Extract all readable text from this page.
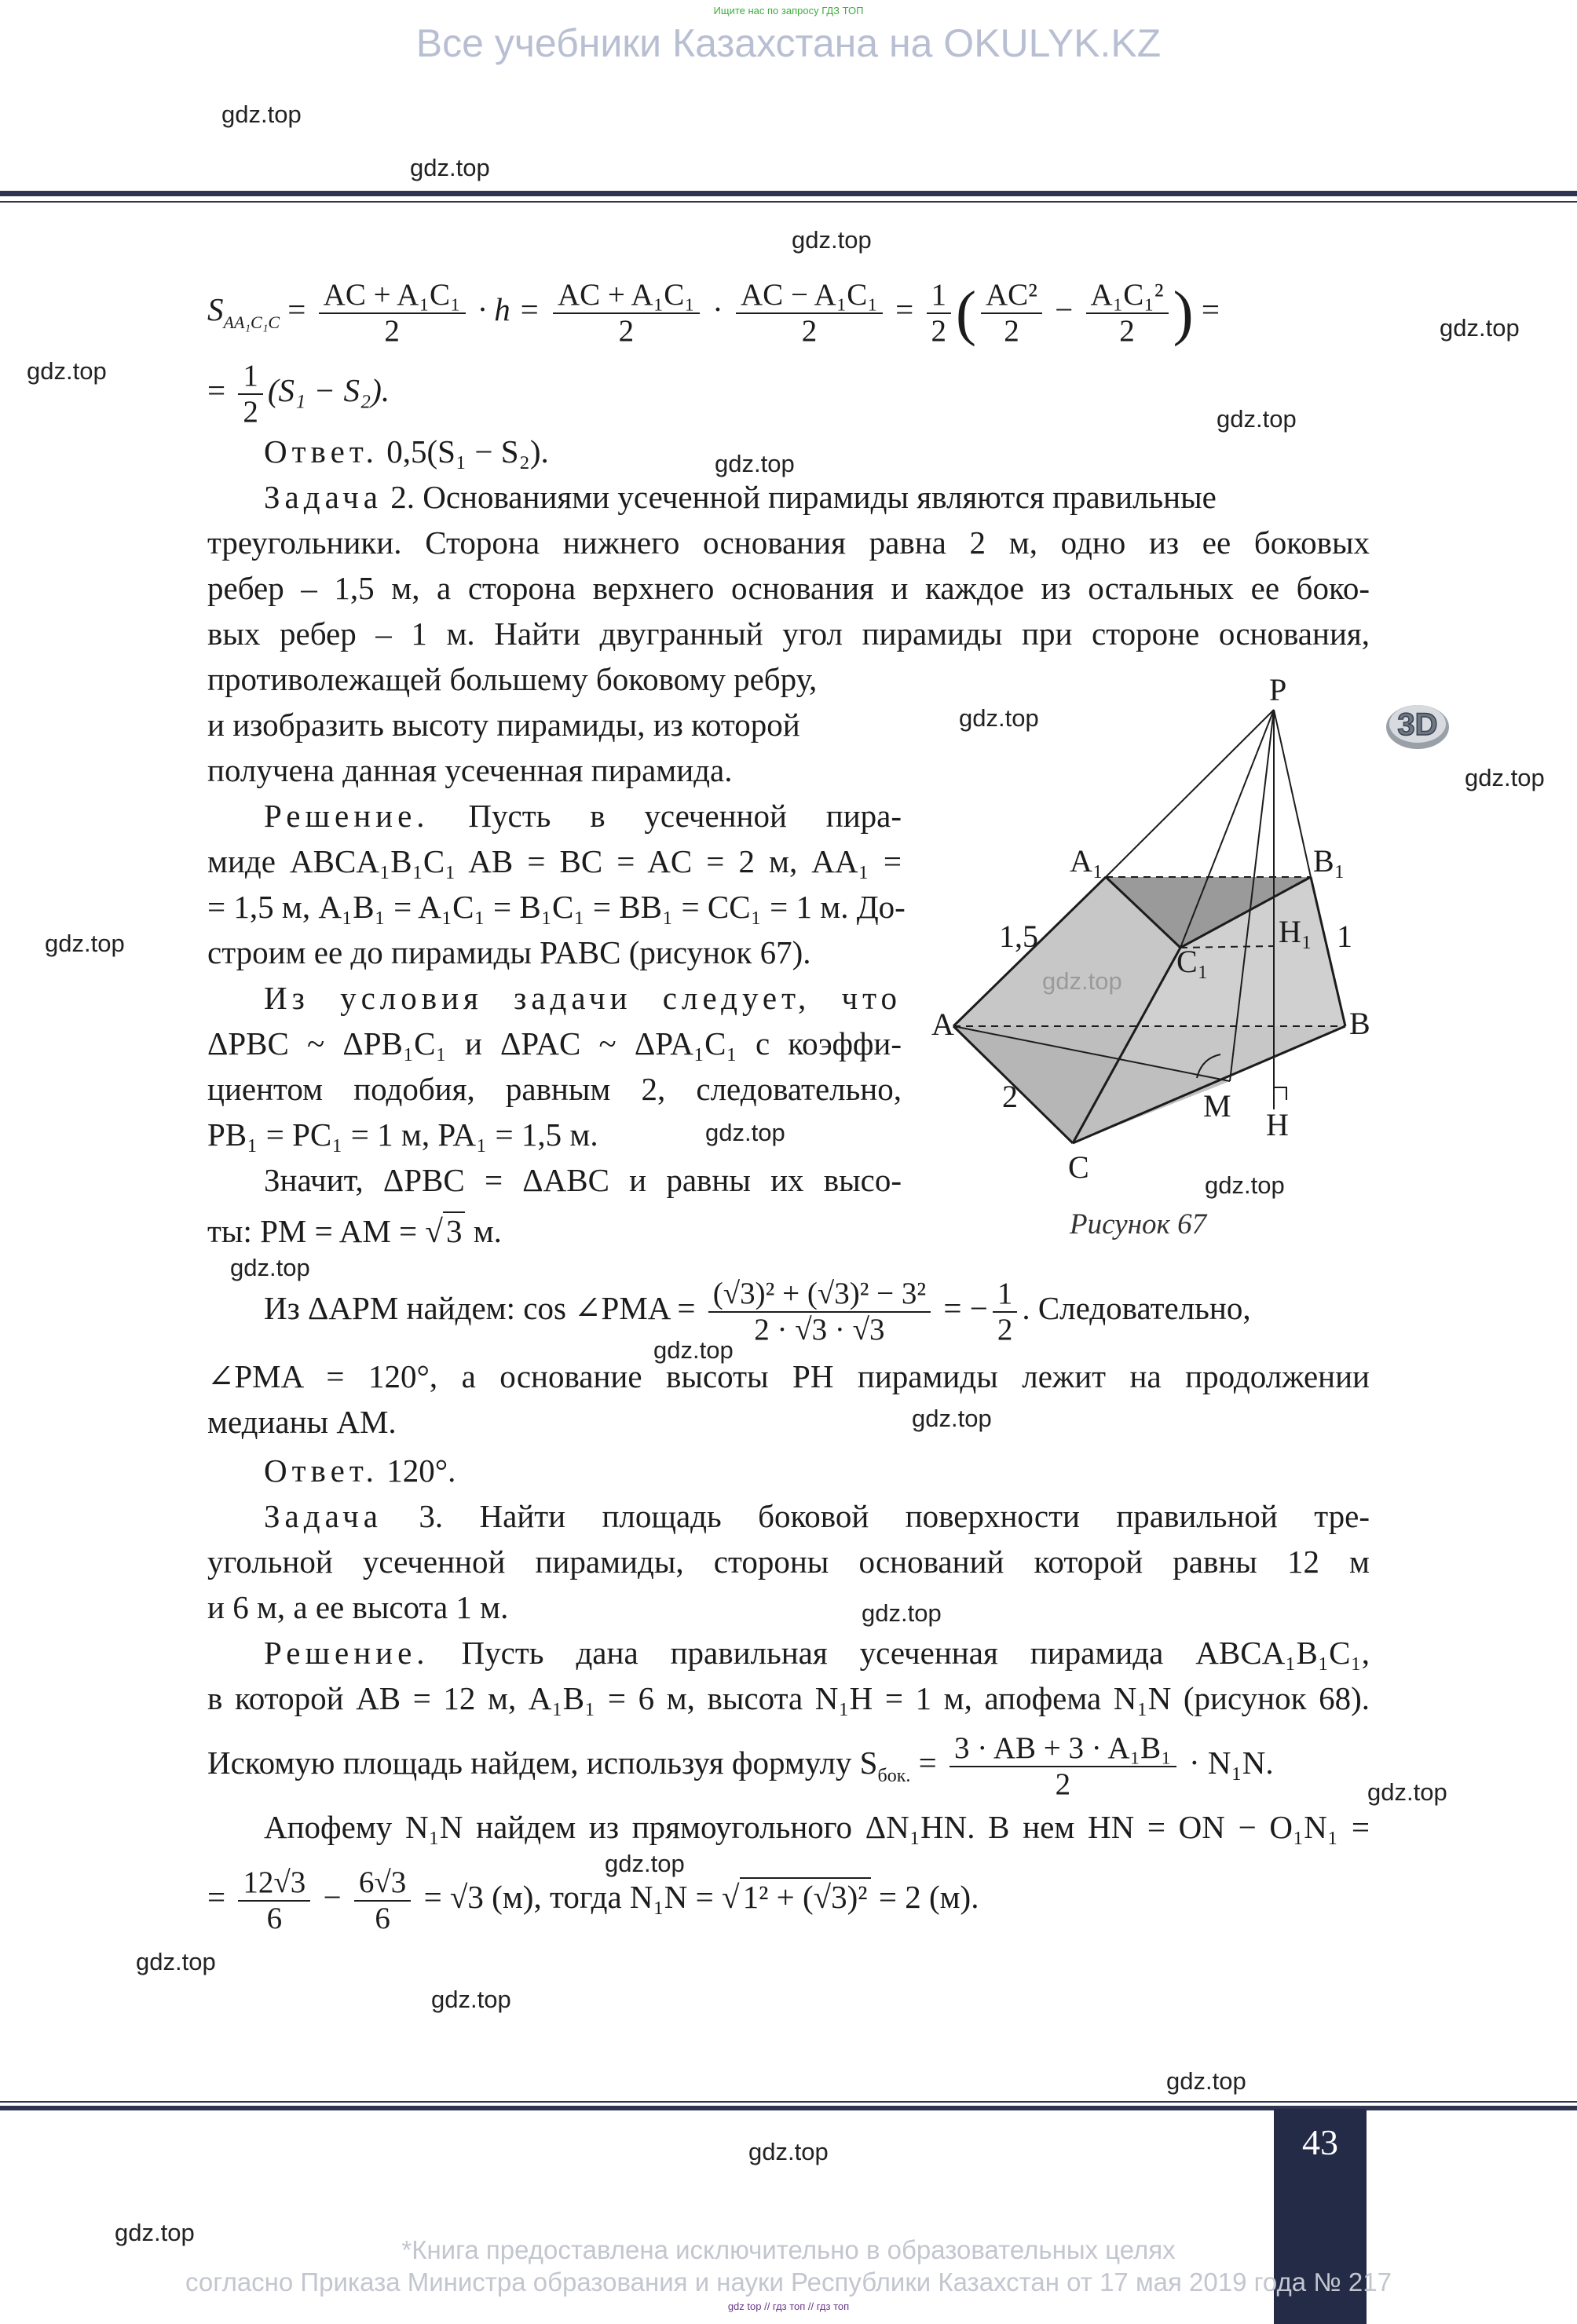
Ищите нас по запросу ГДЗ ТОП
Все учебники Казахстана на OKULYK.KZ
gdz.top
gdz.top
gdz.top
gdz.top
gdz.top
gdz.top
gdz.top
gdz.top
gdz.top
gdz.top
gdz.top
gdz.top
gdz.top
gdz.top
gdz.top
gdz.top
gdz.top
gdz.top
gdz.top
gdz.top
gdz.top
gdz.top
gdz.top
$S_{AA_1C_1C} = \frac{\text{AC + A₁C₁}}{2} \cdot h = \frac{\text{AC + A₁C₁}}{2} \cdot \frac{\text{AC − A₁C₁}}{2} = \frac{1}{2}$ ( $\frac{\text{AC²}}{2} - \frac{\text{A₁C₁²}}{2}$ ) =
= $\frac{1}{2} (S_1 - S_2)$.
Ответ. 0,5(S₁ − S₂).
Задача 2. Основаниями усеченной пирамиды являются правильные
треугольники. Сторона нижнего основания равна 2 м, одно из ее боковых
ребер – 1,5 м, а сторона верхнего основания и каждое из остальных ее боко-
вых ребер – 1 м. Найти двугранный угол пирамиды при стороне основания,
противолежащей большему боковому ребру,
и изобразить высоту пирамиды, из которой
получена данная усеченная пирамида.
Решение. Пусть в усеченной пира-
миде ABCA₁B₁C₁ AB = BC = AC = 2 м, AA₁ =
= 1,5 м, A₁B₁ = A₁C₁ = B₁C₁ = BB₁ = CC₁ = 1 м. До-
строим ее до пирамиды PABC (рисунок 67).
Из условия задачи следует, что
ΔPBC ~ ΔPB₁C₁ и ΔPAC ~ ΔPA₁C₁ с коэффи-
циентом подобия, равным 2, следовательно,
PB₁ = PC₁ = 1 м, PA₁ = 1,5 м.
Значит, ΔPBC = ΔABC и равны их высо-
ты: PM = AM = √3 м.
Из ΔAPM найдем: cos ∠PMA = $\frac{\text{(√3)² + (√3)² − 3²}}{2 \cdot √3 \cdot √3}$ = − $\frac{1}{2}$ . Следовательно,
∠PMA = 120°, а основание высоты PH пирамиды лежит на продолжении
медианы AM.
Ответ. 120°.
Задача 3. Найти площадь боковой поверхности правильной тре-
угольной усеченной пирамиды, стороны оснований которой равны 12 м
и 6 м, а ее высота 1 м.
Решение. Пусть дана правильная усеченная пирамида ABCA₁B₁C₁,
в которой AB = 12 м, A₁B₁ = 6 м, высота N₁H = 1 м, апофема N₁N (рисунок 68).
Искомую площадь найдем, используя формулу $S_{бок.} = \frac{\text{3 · AB + 3 · A₁B₁}}{2} \cdot N_1N$.
Апофему N₁N найдем из прямоугольного ΔN₁HN. В нем HN = ON − O₁N₁ =
= $\frac{12√3}{6} - \frac{6√3}{6} = √3$ (м), тогда N₁N = √1² + (√3)² = 2 (м).
3D
P
A₁	B₁
C₁
H₁
A	B
C
M
H
1,5	1
2
Рисунок 67
43
*Книга предоставлена исключительно в образовательных целях
согласно Приказа Министра образования и науки Республики Казахстан от 17 мая 2019 года № 217
gdz top // гдз топ // гдз топ
